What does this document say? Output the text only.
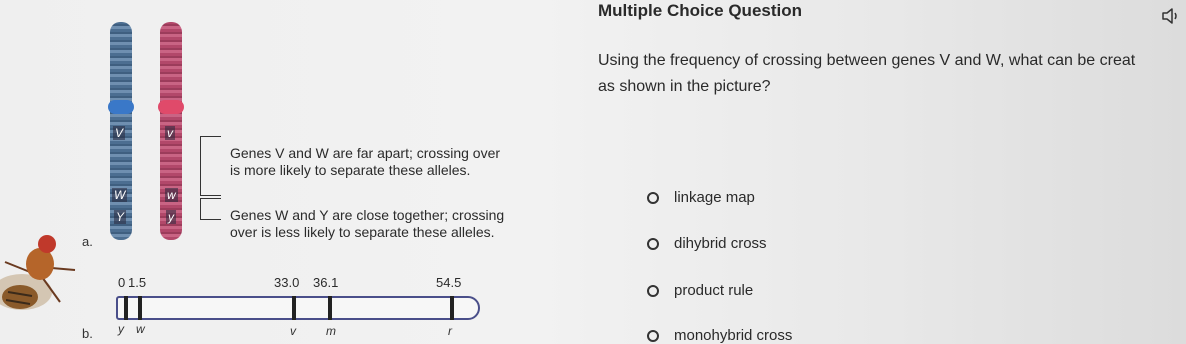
V	v
W	w
Y	y
Genes V and W are far apart; crossing over
is more likely to separate these alleles.
Genes W and Y are close together; crossing
over is less likely to separate these alleles.
a.
b.
0 1.5	33.0 36.1	54.5
y w	v	m	r
Multiple Choice Question
Using the frequency of crossing between genes V and W, what can be creat
as shown in the picture?
linkage map
dihybrid cross
product rule
monohybrid cross
